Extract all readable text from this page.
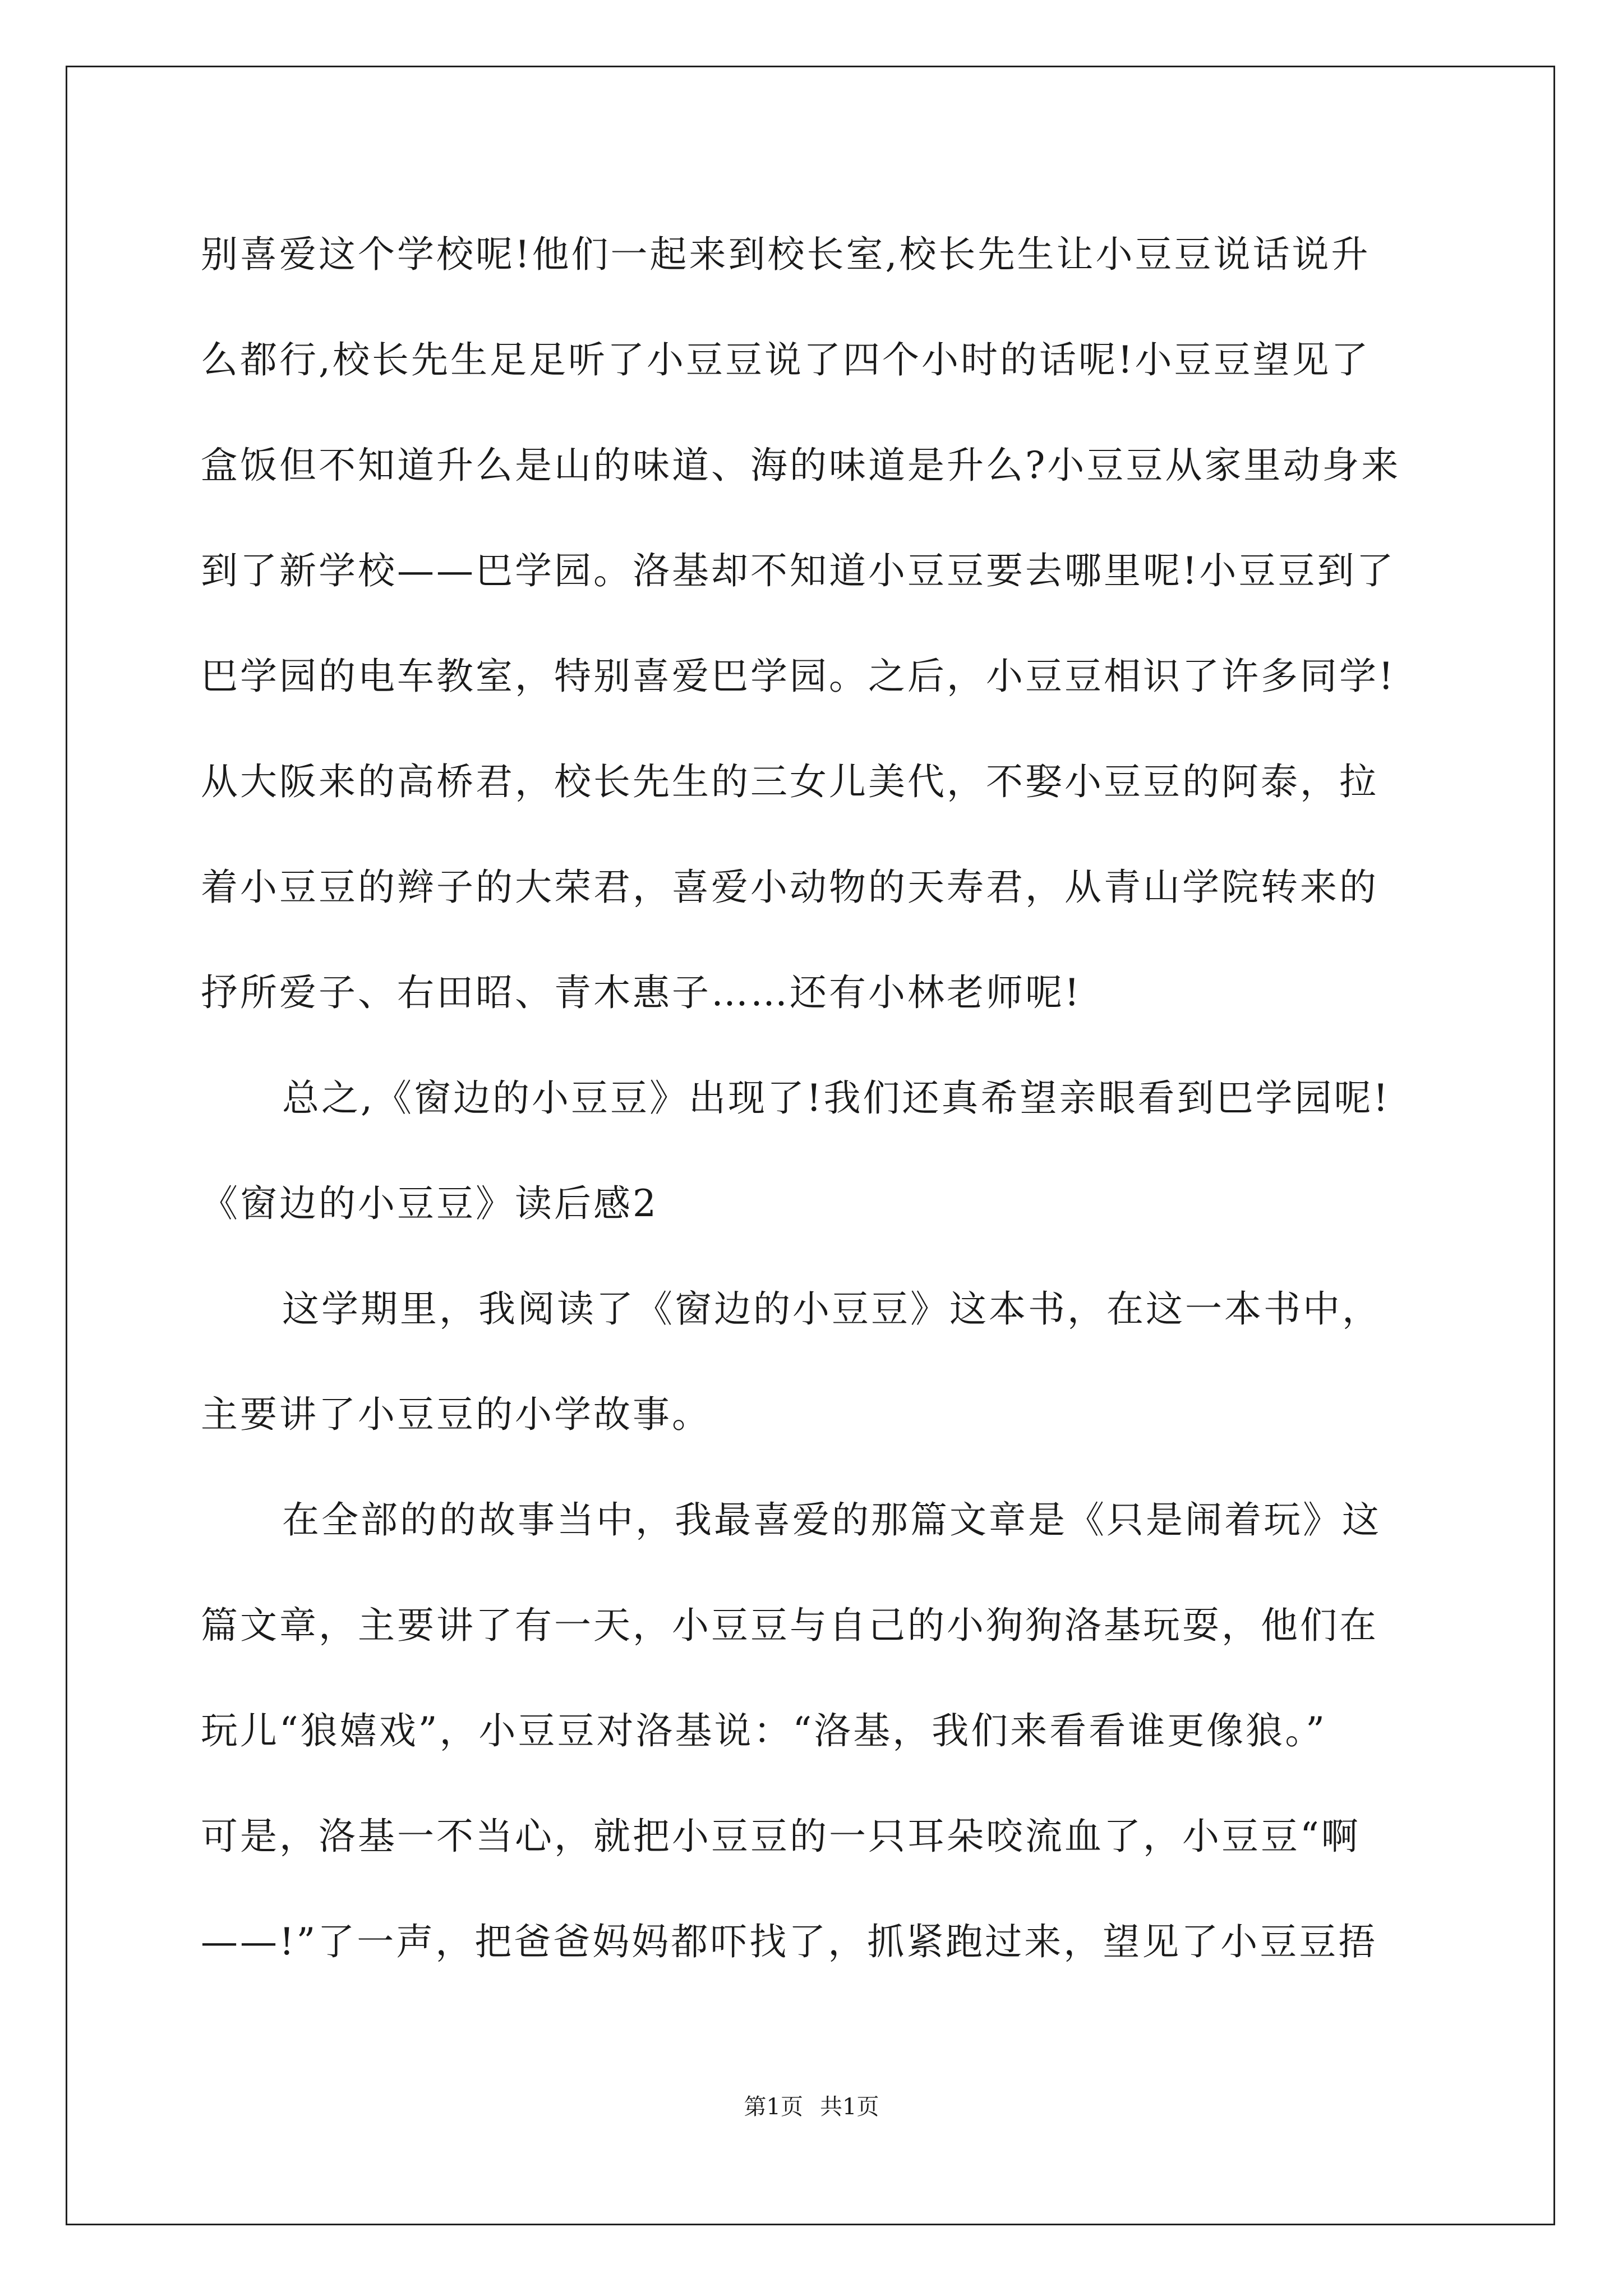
别喜爱这个学校呢!他们一起来到校长室,校长先生让小豆豆说话说升
么都行,校长先生足足听了小豆豆说了四个小时的话呢!小豆豆望见了
盒饭但不知道升么是山的味道、海的味道是升么?小豆豆从家里动身来
到了新学校——巴学园。洛基却不知道小豆豆要去哪里呢!小豆豆到了
巴学园的电车教室，特别喜爱巴学园。之后，小豆豆相识了许多同学!
从大阪来的高桥君，校长先生的三女儿美代，不娶小豆豆的阿泰，拉
着小豆豆的辫子的大荣君，喜爱小动物的天寿君，从青山学院转来的
抒所爱子、右田昭、青木惠子……还有小林老师呢!
总之,《窗边的小豆豆》出现了!我们还真希望亲眼看到巴学园呢!
《窗边的小豆豆》读后感2
这学期里，我阅读了《窗边的小豆豆》这本书，在这一本书中，
主要讲了小豆豆的小学故事。
在全部的的故事当中，我最喜爱的那篇文章是《只是闹着玩》这
篇文章，主要讲了有一天，小豆豆与自己的小狗狗洛基玩耍，他们在
玩儿“狼嬉戏”，小豆豆对洛基说：“洛基，我们来看看谁更像狼。”
可是，洛基一不当心，就把小豆豆的一只耳朵咬流血了，小豆豆“啊
——!”了一声，把爸爸妈妈都吓找了，抓紧跑过来，望见了小豆豆捂
第1页 共1页
